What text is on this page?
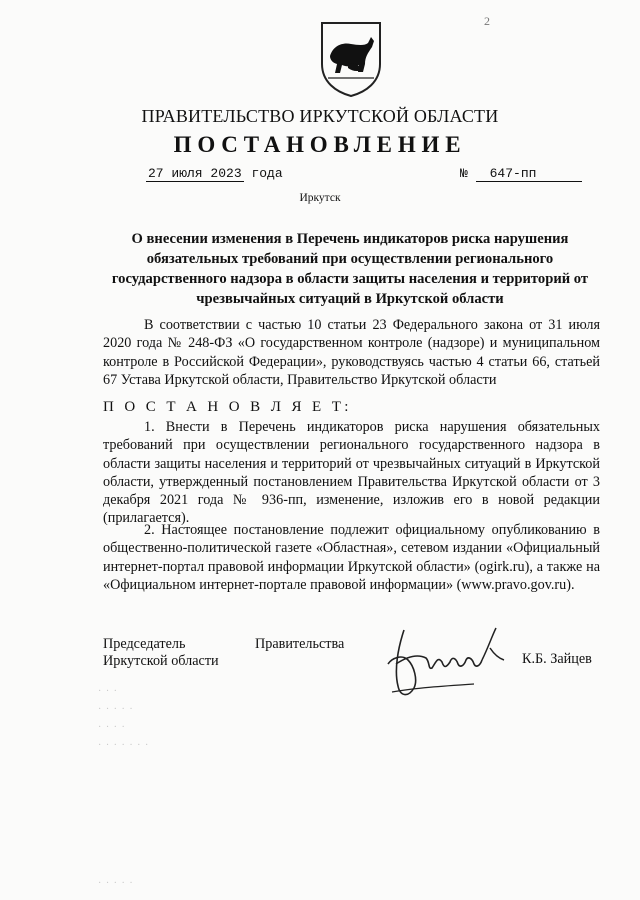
2
ПРАВИТЕЛЬСТВО ИРКУТСКОЙ ОБЛАСТИ
ПОСТАНОВЛЕНИЕ
27 июля 2023 года	№ 647-пп
Иркутск
О внесении изменения в Перечень индикаторов риска нарушения обязательных требований при осуществлении регионального государственного надзора в области защиты населения и территорий от чрезвычайных ситуаций в Иркутской области
В соответствии с частью 10 статьи 23 Федерального закона от 31 июля 2020 года № 248-ФЗ «О государственном контроле (надзоре) и муниципальном контроле в Российской Федерации», руководствуясь частью 4 статьи 66, статьей 67 Устава Иркутской области, Правительство Иркутской области
П О С Т А Н О В Л Я Е Т:
1. Внести в Перечень индикаторов риска нарушения обязательных требований при осуществлении регионального государственного надзора в области защиты населения и территорий от чрезвычайных ситуаций в Иркутской области, утвержденный постановлением Правительства Иркутской области от 3 декабря 2021 года № 936-пп, изменение, изложив его в новой редакции (прилагается).
2. Настоящее постановление подлежит официальному опубликованию в общественно-политической газете «Областная», сетевом издании «Официальный интернет-портал правовой информации Иркутской области» (ogirk.ru), а также на «Официальном интернет-портале правовой информации» (www.pravo.gov.ru).
Председатель
Иркутской области
Правительства
К.Б. Зайцев
· · ·
· · · · ·
· · · ·
· · · · · · ·
· · · · ·
